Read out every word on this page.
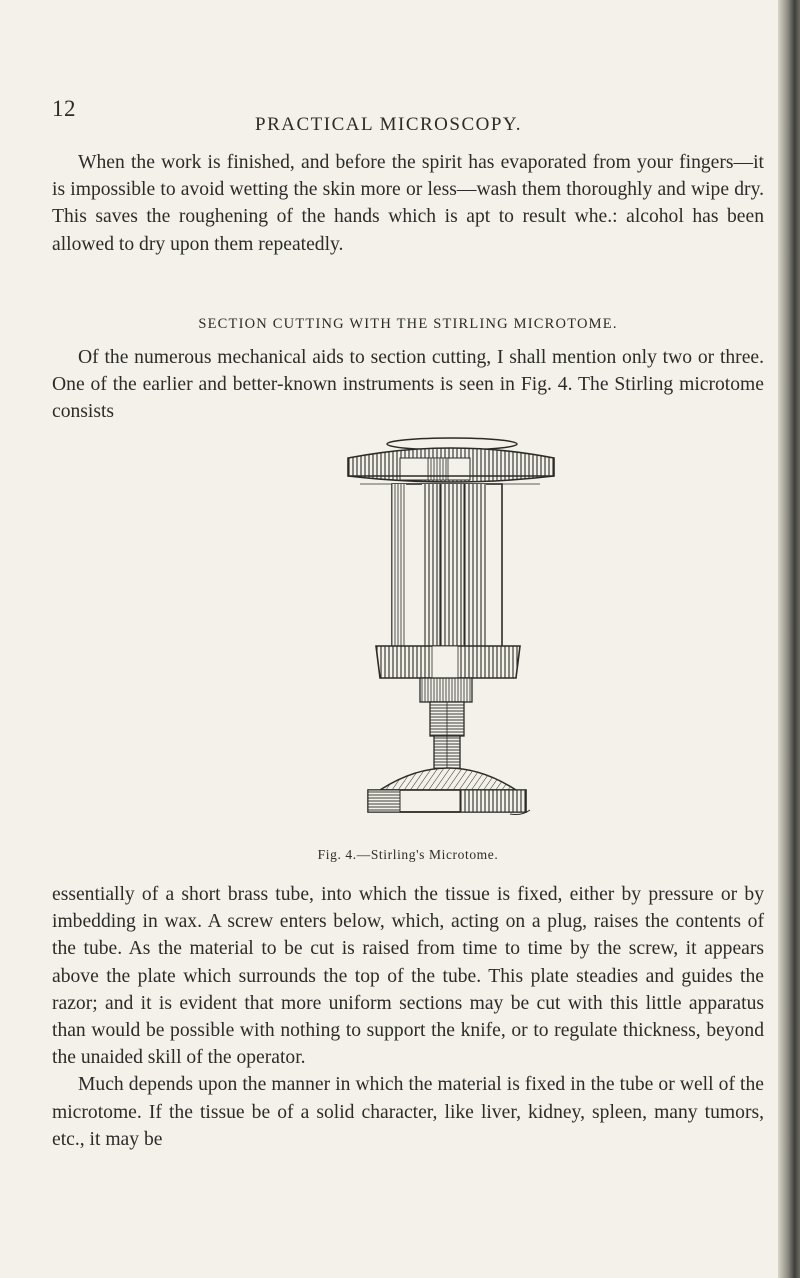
12
PRACTICAL MICROSCOPY.

When the work is finished, and before the spirit has evaporated from your fingers—it is impossible to avoid wetting the skin more or less—wash them thoroughly and wipe dry. This saves the roughening of the hands which is apt to result whe.: alcohol has been allowed to dry upon them repeatedly.

SECTION CUTTING WITH THE STIRLING MICROTOME.

Of the numerous mechanical aids to section cutting, I shall mention only two or three. One of the earlier and better-known instruments is seen in Fig. 4. The Stirling microtome consists

Fig. 4.—Stirling's Microtome.

essentially of a short brass tube, into which the tissue is fixed, either by pressure or by imbedding in wax. A screw enters below, which, acting on a plug, raises the contents of the tube. As the material to be cut is raised from time to time by the screw, it appears above the plate which surrounds the top of the tube. This plate steadies and guides the razor; and it is evident that more uniform sections may be cut with this little apparatus than would be possible with nothing to support the knife, or to regulate thickness, beyond the unaided skill of the operator.

Much depends upon the manner in which the material is fixed in the tube or well of the microtome. If the tissue be of a solid character, like liver, kidney, spleen, many tumors, etc., it may be
